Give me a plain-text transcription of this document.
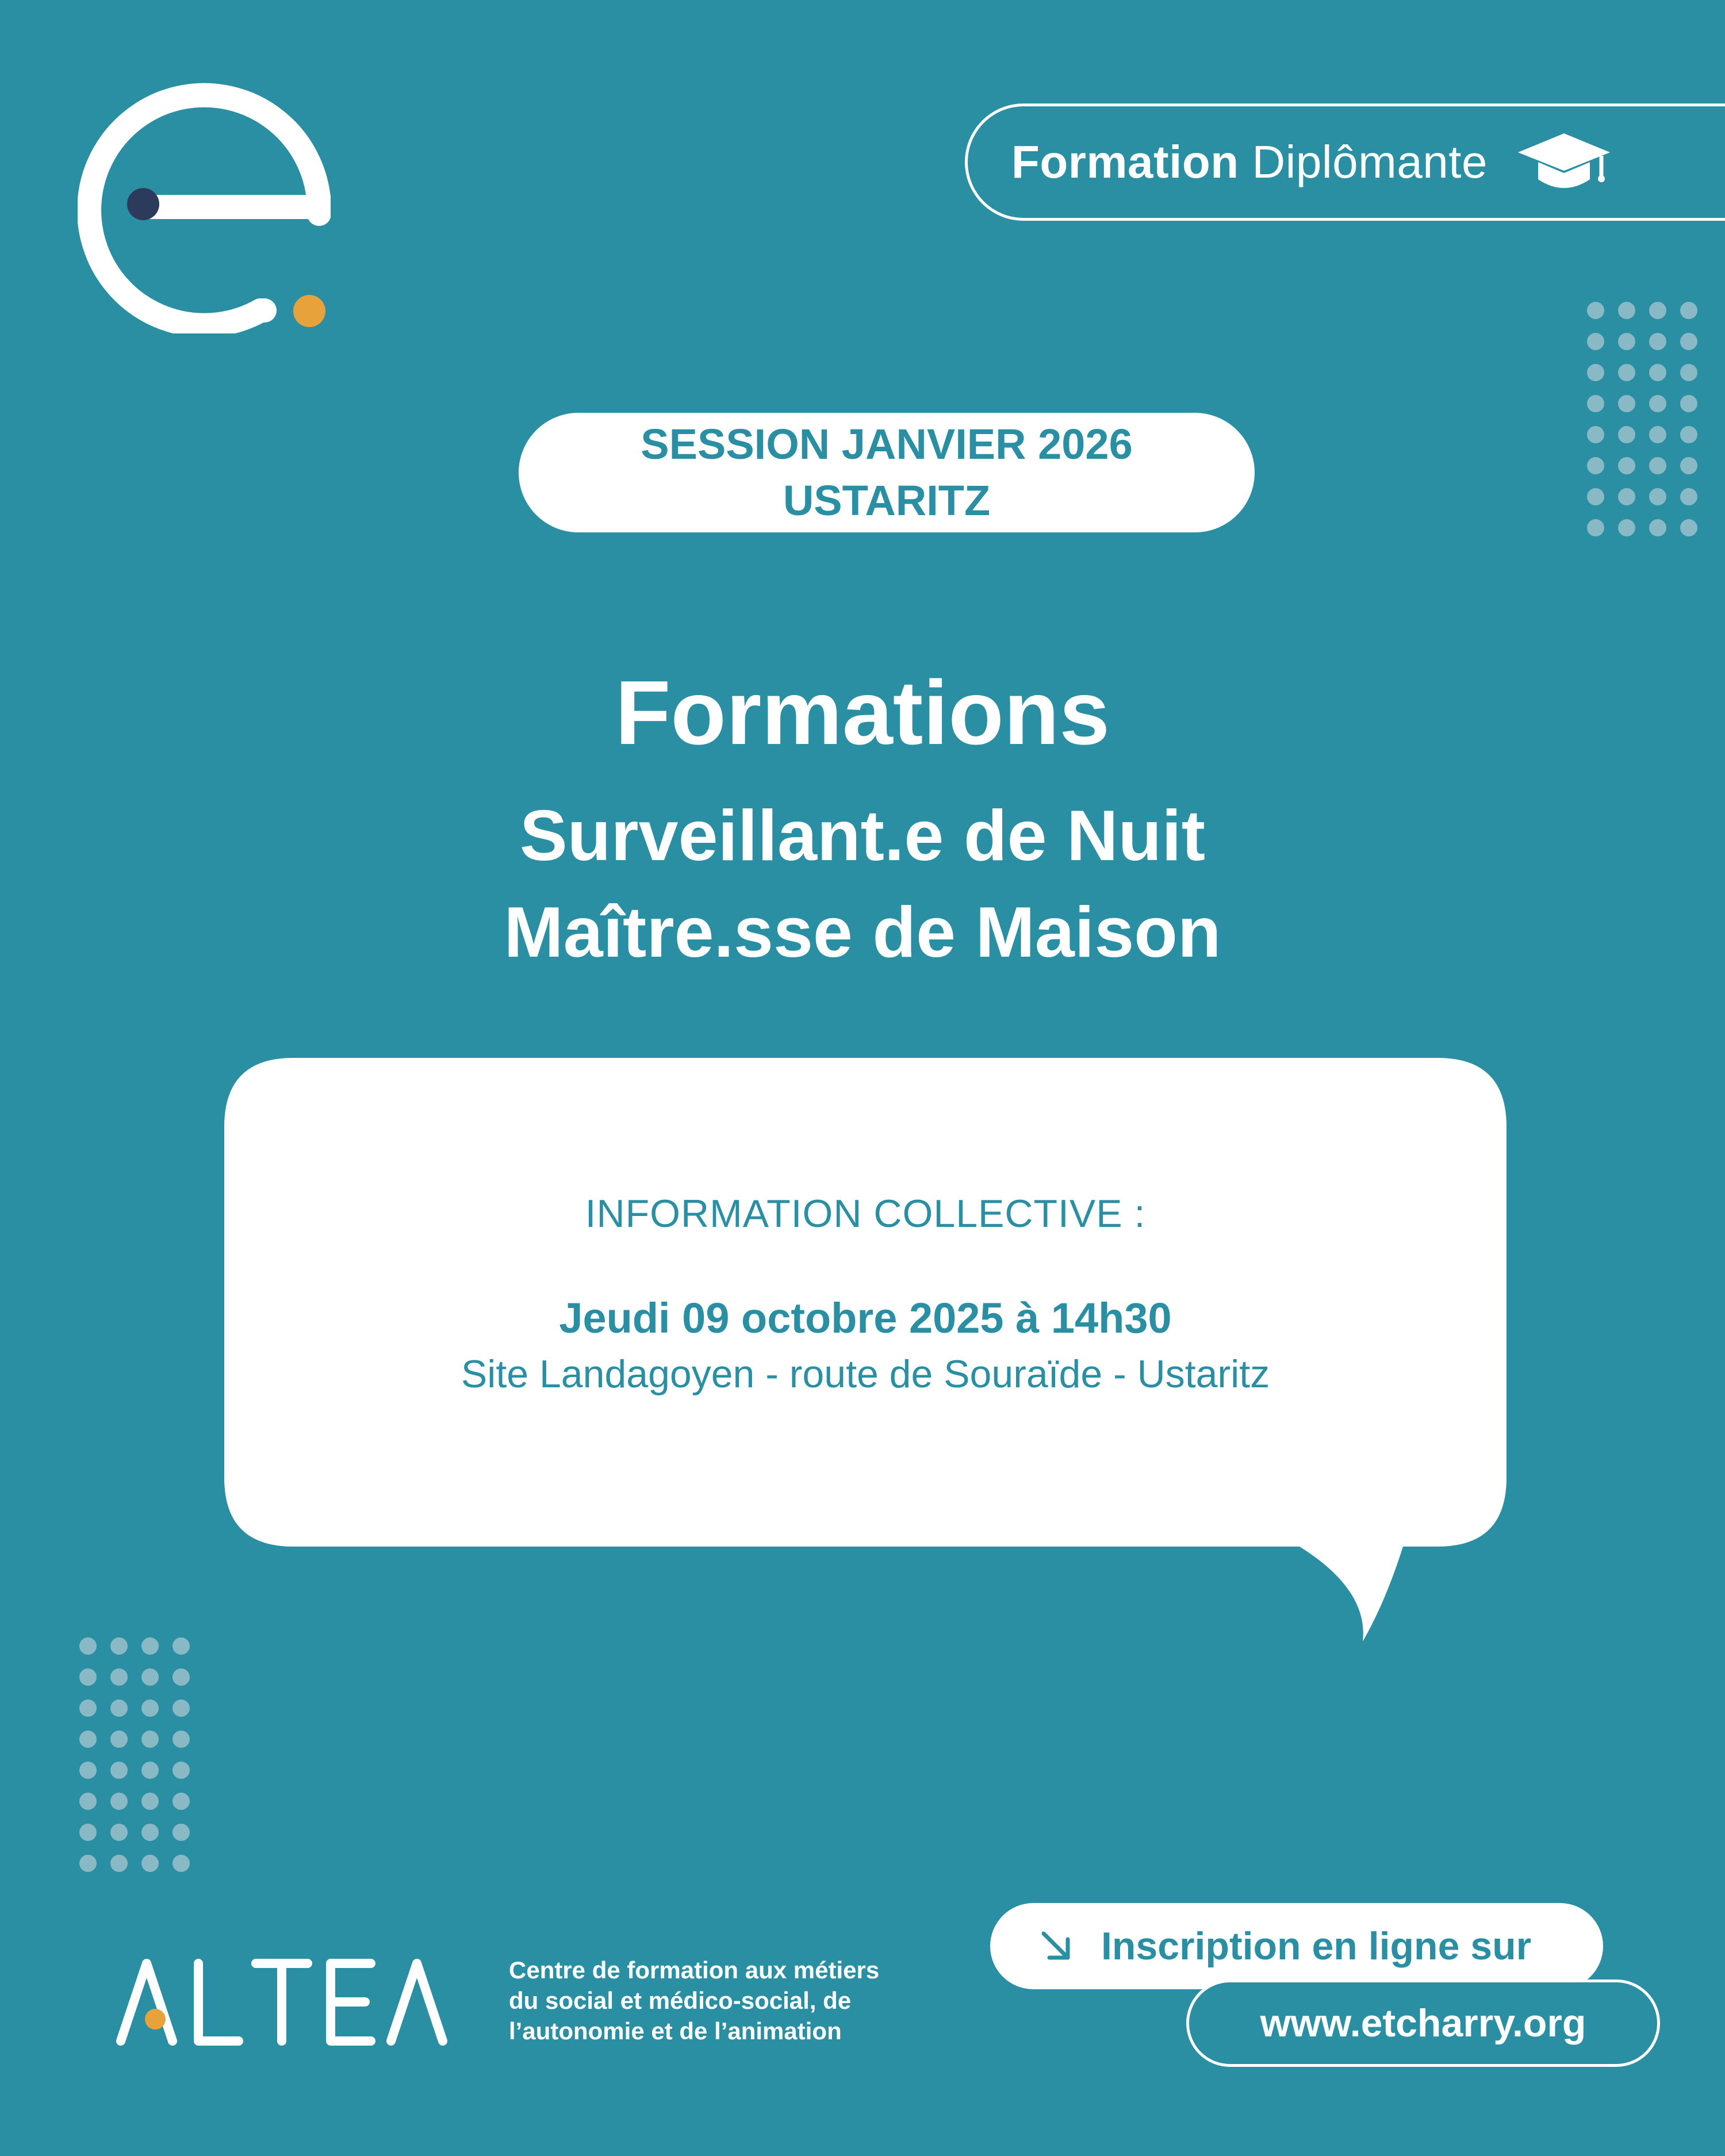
Formation Diplômante
SESSION JANVIER 2026
USTARITZ
Formations
Surveillant.e de Nuit
Maître.sse de Maison
INFORMATION COLLECTIVE :
Jeudi 09 octobre 2025 à 14h30
Site Landagoyen - route de Souraïde - Ustaritz
ALTEA
Centre de formation aux métiers
du social et médico-social, de
l’autonomie et de l’animation
Inscription en ligne sur
www.etcharry.org
